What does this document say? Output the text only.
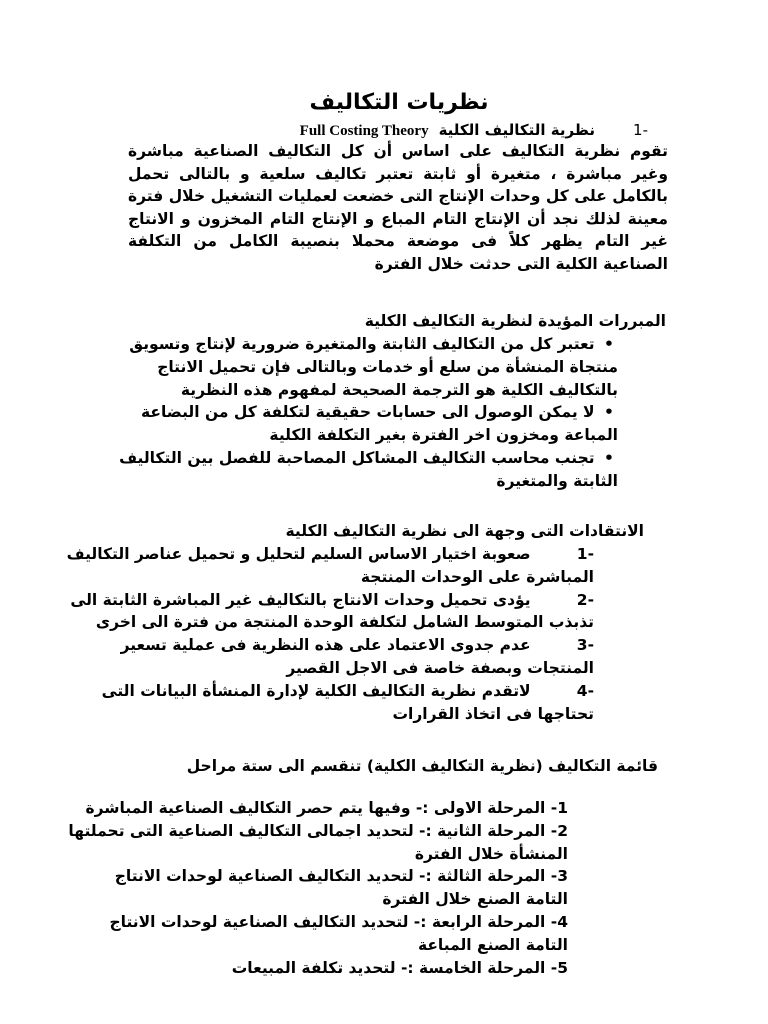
نظريات التكاليف
-1
نظرية التكاليف الكلية
Full Costing Theory
تقوم نظرية التكاليف على اساس أن كل التكاليف الصناعية مباشرة وغير مباشرة ، متغيرة أو ثابتة تعتبر تكاليف سلعية و بالتالى تحمل بالكامل على كل وحدات الإنتاج التى خضعت لعمليات التشغيل خلال فترة معينة لذلك نجد أن الإنتاج التام المباع و الإنتاج التام المخزون و الانتاج غير التام يظهر كلاً فى موضعة محملا بنصيبة الكامل من التكلفة الصناعية الكلية التى حدثت خلال الفترة
المبررات المؤيدة لنظرية التكاليف الكلية
• تعتبر كل من التكاليف الثابتة والمتغيرة ضرورية لإنتاج وتسويق منتجاة المنشأة من سلع أو خدمات وبالتالى فإن تحميل الانتاج بالتكاليف الكلية هو الترجمة الصحيحة لمفهوم هذه النظرية
• لا يمكن الوصول الى حسابات حقيقية لتكلفة كل من البضاعة المباعة ومخزون اخر الفترة بغير التكلفة الكلية
• تجنب محاسب التكاليف المشاكل المصاحبة للفصل بين التكاليف الثابتة والمتغيرة
الانتقادات التى وجهة الى نظرية التكاليف الكلية
-1 صعوبة اختيار الاساس السليم لتحليل و تحميل عناصر التكاليف المباشرة على الوحدات المنتجة
-2 يؤدى تحميل وحدات الانتاج بالتكاليف غير المباشرة الثابتة الى تذبذب المتوسط الشامل لتكلفة الوحدة المنتجة من فترة الى اخرى
-3 عدم جدوى الاعتماد على هذه النظرية فى عملية تسعير المنتجات وبصفة خاصة فى الاجل القصير
-4 لاتقدم نظرية التكاليف الكلية لإدارة المنشأة البيانات التى تحتاجها فى اتخاذ القرارات
قائمة التكاليف (نظرية التكاليف الكلية) تنقسم الى ستة مراحل
1- المرحلة الاولى :- وفيها يتم حصر التكاليف الصناعية المباشرة
2- المرحلة الثانية :- لتحديد اجمالى التكاليف الصناعية التى تحملتها المنشأة خلال الفترة
3- المرحلة الثالثة :- لتحديد التكاليف الصناعية لوحدات الانتاج التامة الصنع خلال الفترة
4- المرحلة الرابعة :- لتحديد التكاليف الصناعية لوحدات الانتاج التامة الصنع المباعة
5- المرحلة الخامسة :- لتحديد تكلفة المبيعات
